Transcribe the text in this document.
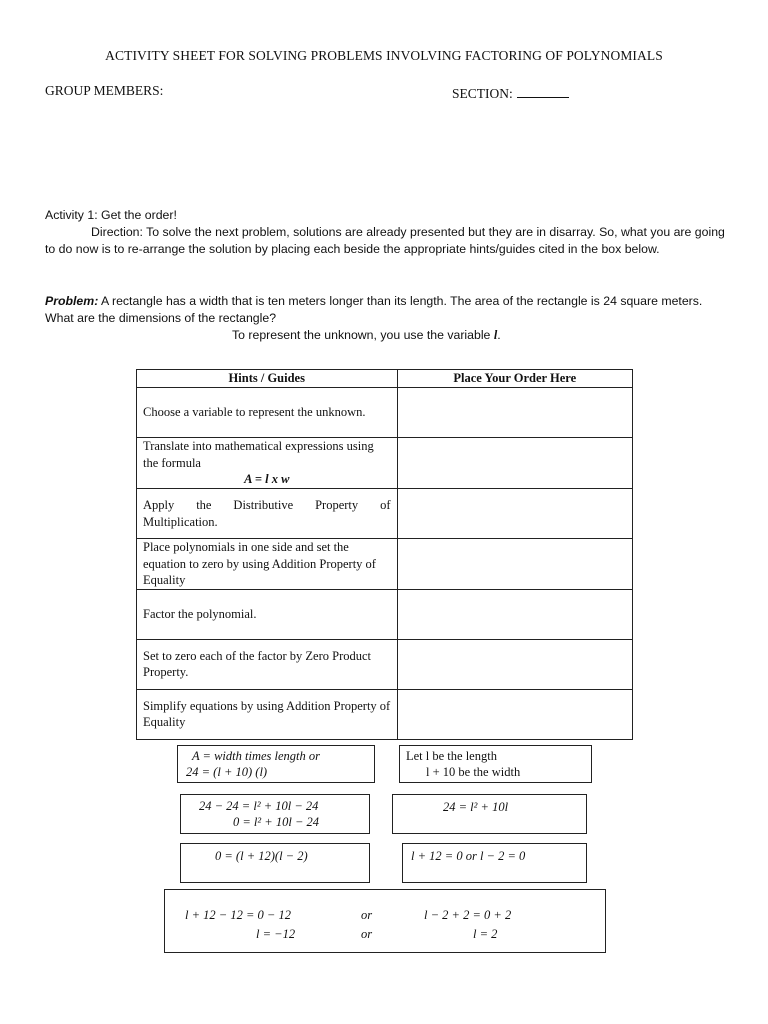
ACTIVITY SHEET FOR SOLVING PROBLEMS INVOLVING FACTORING OF POLYNOMIALS
GROUP MEMBERS:	SECTION:
Activity 1: Get the order!
Direction: To solve the next problem, solutions are already presented but they are in disarray. So, what you are going to do now is to re-arrange the solution by placing each beside the appropriate hints/guides cited in the box below.
Problem: A rectangle has a width that is ten meters longer than its length. The area of the rectangle is 24 square meters. What are the dimensions of the rectangle?
To represent the unknown, you use the variable l.
Hints / Guides	Place Your Order Here
Choose a variable to represent the unknown.	
Translate into mathematical expressions using the formula
A = l x w	

Apply the Distributive Property of Multiplication.	
Place polynomials in one side and set the equation to zero by using Addition Property of Equality	
Factor the polynomial.	
Set to zero each of the factor by Zero Product Property.	
Simplify equations by using Addition Property of Equality	
A = width times length or
24 = (l + 10) (l)
Let l be the length
l + 10 be the width
24 − 24 = l² + 10l − 24
0 = l² + 10l − 24
24 = l² + 10l
0 = (l + 12)(l − 2)	l + 12 = 0 or l − 2 = 0
l + 12 − 12 = 0 − 12
l = −12
or
or
l − 2 + 2 = 0 + 2
l = 2
